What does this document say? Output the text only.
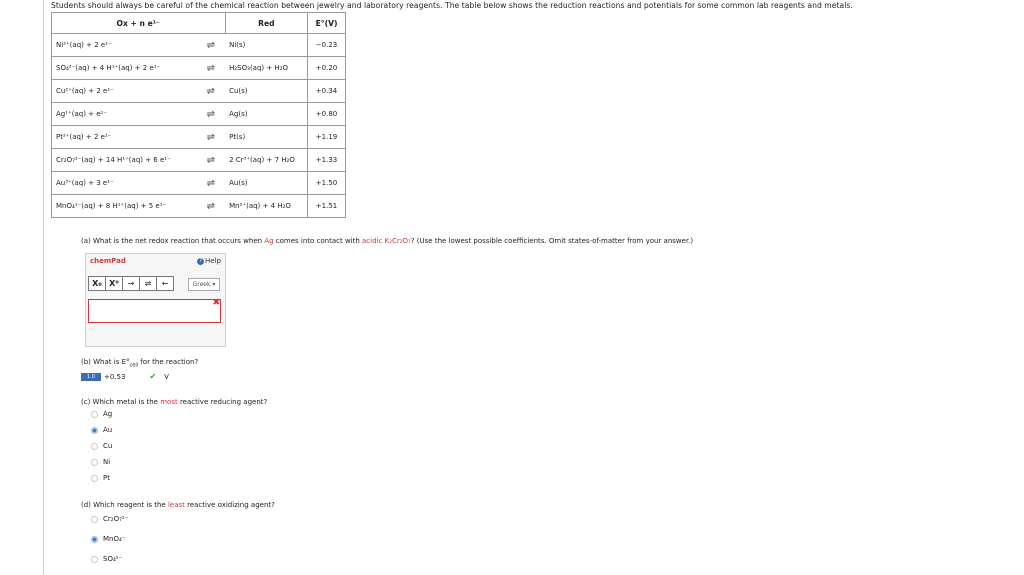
Students should always be careful of the chemical reaction between jewelry and laboratory reagents. The table below shows the reduction reactions and potentials for some common lab reagents and metals.
Ox + n e¹⁻		Red	E°(V)
Ni²⁺(aq) + 2 e¹⁻	⇌	Ni(s)	−0.23
SO₄²⁻(aq) + 4 H¹⁺(aq) + 2 e¹⁻	⇌	H₂SO₃(aq) + H₂O	+0.20
Cu²⁺(aq) + 2 e¹⁻	⇌	Cu(s)	+0.34
Ag¹⁺(aq) + e¹⁻	⇌	Ag(s)	+0.80
Pt²⁺(aq) + 2 e¹⁻	⇌	Pt(s)	+1.19
Cr₂O₇²⁻(aq) + 14 H¹⁺(aq) + 6 e¹⁻	⇌	2 Cr³⁺(aq) + 7 H₂O	+1.33
Au³⁺(aq) + 3 e¹⁻	⇌	Au(s)	+1.50
MnO₄¹⁻(aq) + 8 H¹⁺(aq) + 5 e¹⁻	⇌	Mn²⁺(aq) + 4 H₂O	+1.51
(a) What is the net redox reaction that occurs when Ag comes into contact with acidic K₂Cr₂O₇? (Use the lowest possible coefficients. Omit states-of-matter from your answer.)
chemPad	? Help
X₀ X⁰	→	⇌	←	Greek ▾
✖
(b) What is $E^\circ_{cell}$ for the reaction?
1.0	+0.53	✔ V
(c) Which metal is the most reactive reducing agent?
Ag
Au
Cu
Ni
Pt
(d) Which reagent is the least reactive oxidizing agent?
Cr₂O₇²⁻
MnO₄⁻
SO₄²⁻
